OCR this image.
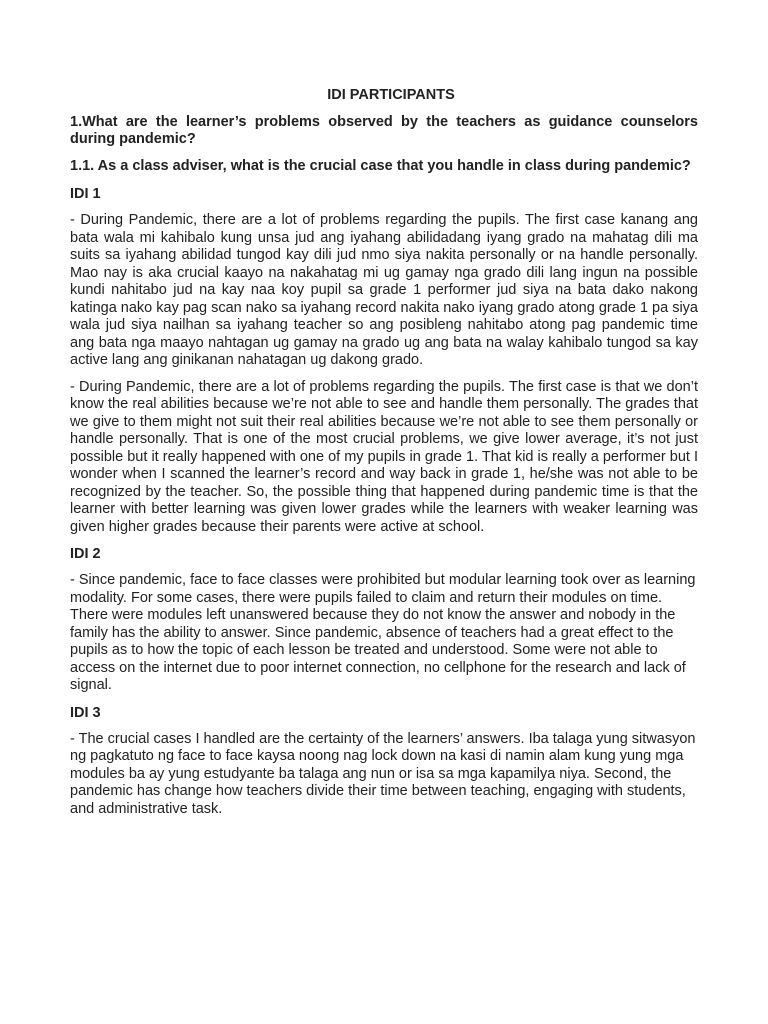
IDI PARTICIPANTS
1.What are the learner’s problems observed by the teachers as guidance counselors during pandemic?
1.1. As a class adviser, what is the crucial case that you handle in class during pandemic?
IDI 1
- During Pandemic, there are a lot of problems regarding the pupils. The first case kanang ang bata wala mi kahibalo kung unsa jud ang iyahang abilidadang iyang grado na mahatag dili ma suits sa iyahang abilidad tungod kay dili jud nmo siya nakita personally or na handle personally. Mao nay is aka crucial kaayo na nakahatag mi ug gamay nga grado dili lang ingun na possible kundi nahitabo jud na kay naa koy pupil sa grade 1 performer jud siya na bata dako nakong katinga nako kay pag scan nako sa iyahang record nakita nako iyang grado atong grade 1 pa siya wala jud siya nailhan sa iyahang teacher so ang posibleng nahitabo atong pag pandemic time ang bata nga maayo nahtagan ug gamay na grado ug ang bata na walay kahibalo tungod sa kay active lang ang ginikanan nahatagan ug dakong grado.
- During Pandemic, there are a lot of problems regarding the pupils. The first case is that we don’t know the real abilities because we’re not able to see and handle them personally. The grades that we give to them might not suit their real abilities because we’re not able to see them personally or handle personally. That is one of the most crucial problems, we give lower average, it’s not just possible but it really happened with one of my pupils in grade 1. That kid is really a performer but I wonder when I scanned the learner’s record and way back in grade 1, he/she was not able to be recognized by the teacher. So, the possible thing that happened during pandemic time is that the learner with better learning was given lower grades while the learners with weaker learning was given higher grades because their parents were active at school.
IDI 2
- Since pandemic, face to face classes were prohibited but modular learning took over as learning modality. For some cases, there were pupils failed to claim and return their modules on time. There were modules left unanswered because they do not know the answer and nobody in the family has the ability to answer. Since pandemic, absence of teachers had a great effect to the pupils as to how the topic of each lesson be treated and understood. Some were not able to access on the internet due to poor internet connection, no cellphone for the research and lack of signal.
IDI 3
- The crucial cases I handled are the certainty of the learners’ answers. Iba talaga yung sitwasyon ng pagkatuto ng face to face kaysa noong nag lock down na kasi di namin alam kung yung mga modules ba ay yung estudyante ba talaga ang nun or isa sa mga kapamilya niya. Second, the pandemic has change how teachers divide their time between teaching, engaging with students, and administrative task.
